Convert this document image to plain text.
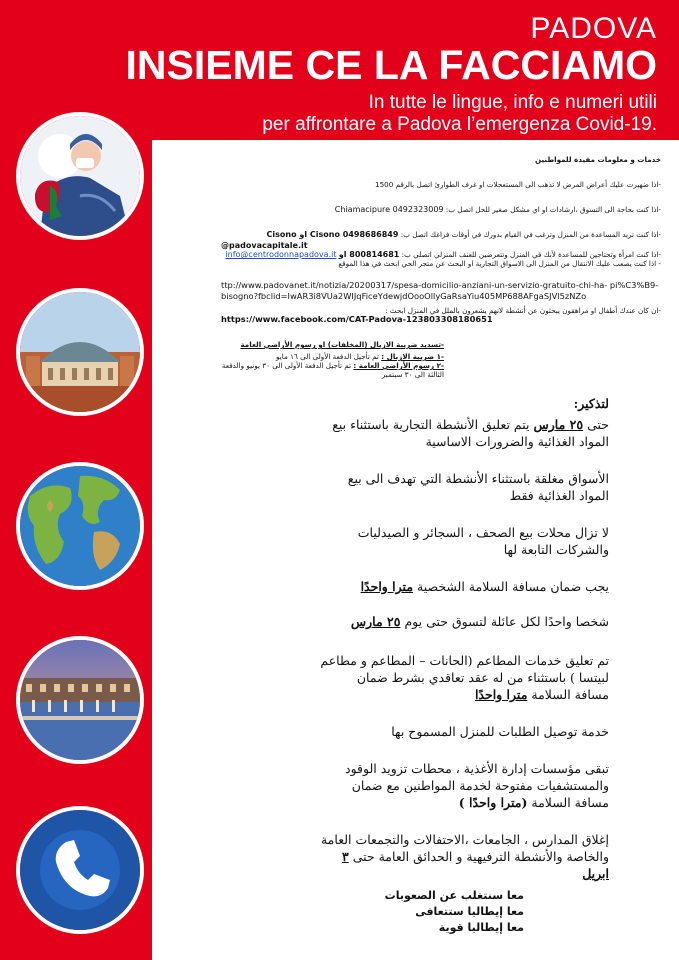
PADOVA
INSIEME CE LA FACCIAMO
In tutte le lingue, info e numeri utili
per affrontare a Padova l’emergenza Covid-19.
خدمات و معلومات مفيدة للمواطنين
-اذا ضهيرت عليك أعراض المرض لا تذهب الى المستعجلات او غرف الطوارئ اتصل بالرقم 1500
-اذا كنت بحاجة الى التسوق ،ارشادات او اي مشكل صغير للحل اتصل ب: Chiamacipure 0492323009
-اذا كنت تريد المساعدة من المنزل وترغب في القيام بدورك في أوقات فراغك اتصل ب: Cisono 0498686849 او Cisono
@padovacapitale.it
-اذا كنت امرأة وتحتاجين للمساعدة لأنك في المنزل وتتعرضين للعنف المنزلي اتصلي ب: 800814681 او info@centrodonnapadova.it
- اذا كنت يصعب عليك الانتقال من المنزل الى الاسواق التجارية او البحث عن متجر الحي ابحث في هذا الموقع
ttp://www.padovanet.it/notizia/20200317/spesa-domicilio-anziani-un-servizio-gratuito-chi-ha- pi%C3%B9-bisogno?fbclid=IwAR3i8VUa2WIJqFiceYdewjdOooOllyGaRsaYiu405MP688AFgaSJVl5zNZo
-ان كان عندك أطفال او مراهقون يبحثون عن أنشطة لانهم يشعرون بالملل في المنزل ابحث :
https://www.facebook.com/CAT-Padova-123803308180651
-تسديد ضريبة الازبال (المخلفات) او رسوم الأراضي العامة
-١ ضريبة الازبال : تم تأجيل الدفعة الأولى الى ١٦ مايو
-٢ رسوم الأراضي العامة : تم تأجيل الدفعة الأولى الى ٣٠ يونيو والدفعة الثالثة الى ٣٠ سبتمبر
لتذكير:
حتى ٢٥ مارس يتم تعليق الأنشطة التجارية باستثناء بيع المواد الغذائية والضرورات الاساسية
الأسواق مغلقة باستثناء الأنشطة التي تهدف الى بيع المواد الغذائية فقط
لا تزال محلات بيع الصحف ، السجائر و الصيدليات والشركات التابعة لها
يجب ضمان مسافة السلامة الشخصية مترا واحدًا
شخصا واحدًا لكل عائلة لتسوق حتى يوم ٢٥ مارس
تم تعليق خدمات المطاعم (الحانات – المطاعم و مطاعم لبيتسا ) باستثناء من له عقد تعاقدي بشرط ضمان مسافة السلامة مترا واحدًا
خدمة توصيل الطلبات للمنزل المسموح بها
تبقى مؤسسات إدارة الأغذية ، محطات تزويد الوقود والمستشفيات مفتوحة لخدمة المواطنين مع ضمان مسافة السلامة (مترا واحدًا )
إغلاق المدارس ، الجامعات ،الاحتفالات والتجمعات العامة والخاصة والأنشطة الترفيهية و الحدائق العامة حتى ٣ ابريل
معا سنتغلب عن الصعوبات
معا إيطاليا ستتعافى
معا إيطاليا قوية
